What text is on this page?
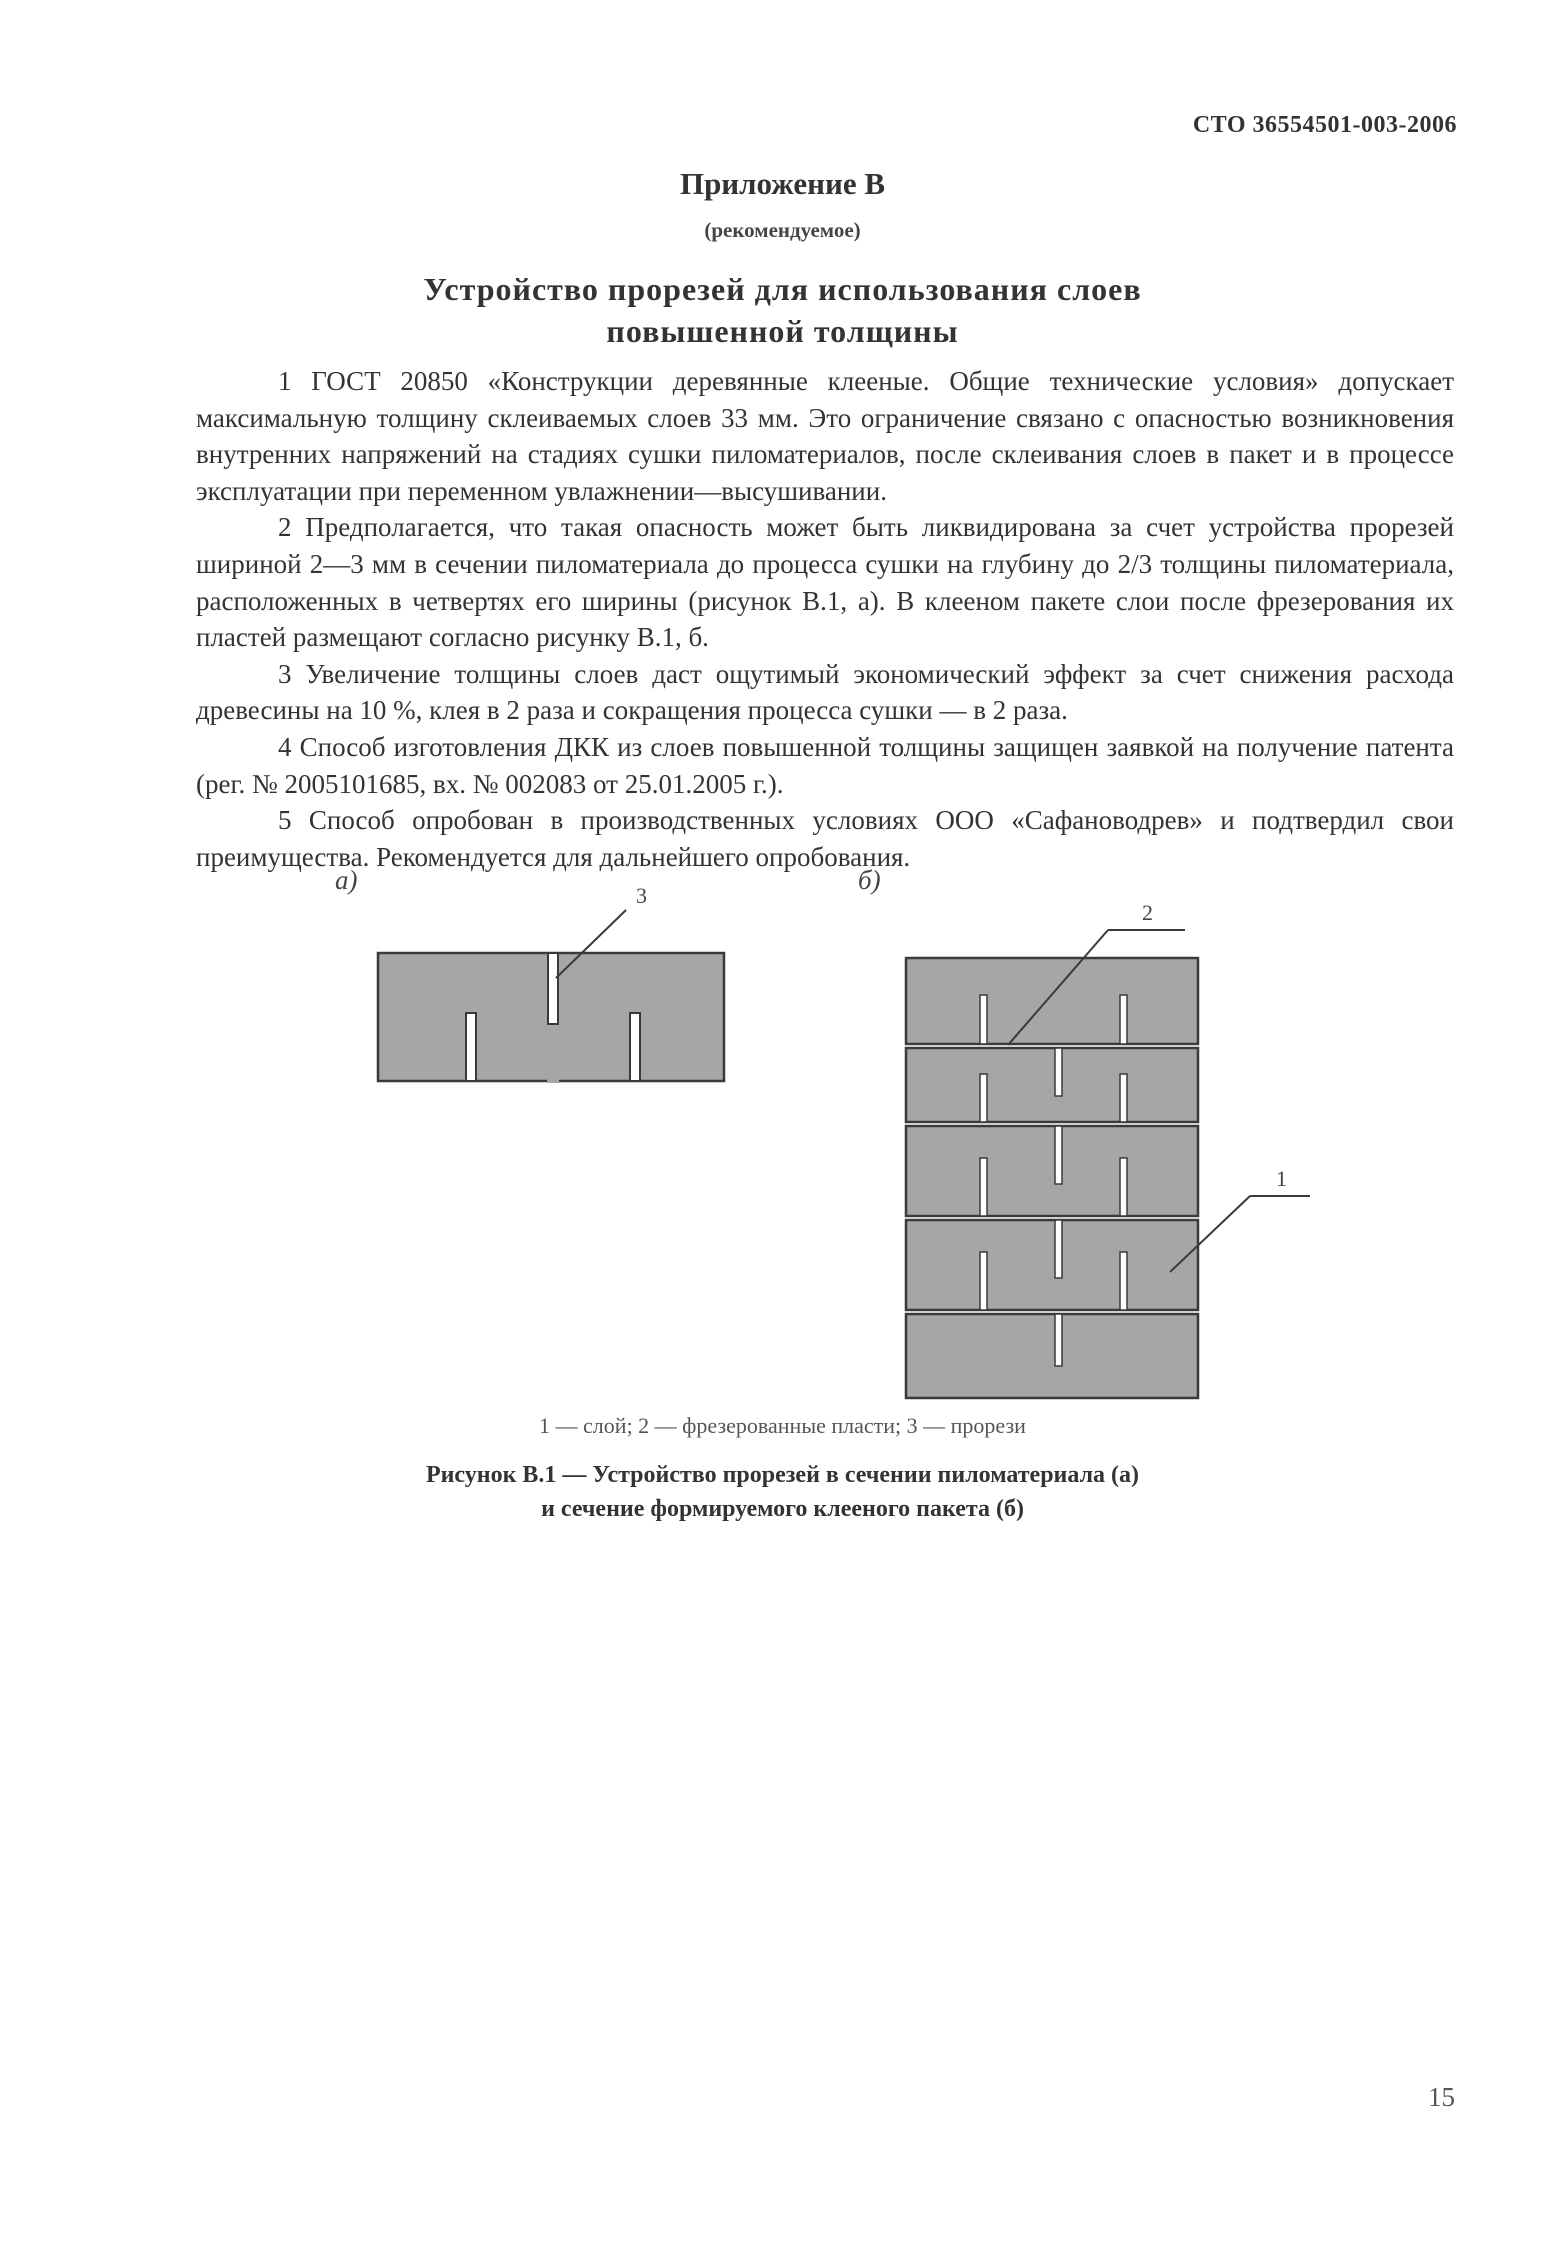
СТО 36554501-003-2006
Приложение В
(рекомендуемое)
Устройство прорезей для использования слоев
повышенной толщины

1 ГОСТ 20850 «Конструкции деревянные клееные. Общие технические условия» допускает максимальную толщину склеиваемых слоев 33 мм. Это ограничение связано с опасностью возникновения внутренних напряжений на стадиях сушки пиломатериалов, после склеивания слоев в пакет и в процессе эксплуатации при переменном увлажнении—высушивании.

2 Предполагается, что такая опасность может быть ликвидирована за счет устройства прорезей шириной 2—3 мм в сечении пиломатериала до процесса сушки на глубину до 2/3 толщины пиломатериала, расположенных в четвертях его ширины (рисунок В.1, а). В клееном пакете слои после фрезерования их пластей размещают согласно рисунку В.1, б.

3 Увеличение толщины слоев даст ощутимый экономический эффект за счет снижения расхода древесины на 10 %, клея в 2 раза и сокращения процесса сушки — в 2 раза.

4 Способ изготовления ДКК из слоев повышенной толщины защищен заявкой на получение патента (рег. № 2005101685, вх. № 002083 от 25.01.2005 г.).

5 Способ опробован в производственных условиях ООО «Сафановодрев» и подтвердил свои преимущества. Рекомендуется для дальнейшего опробования.

а)	б)
3
2
1
1 — слой; 2 — фрезерованные пласти; 3 — прорези
Рисунок В.1 — Устройство прорезей в сечении пиломатериала (а)
и сечение формируемого клееного пакета (б)
15
